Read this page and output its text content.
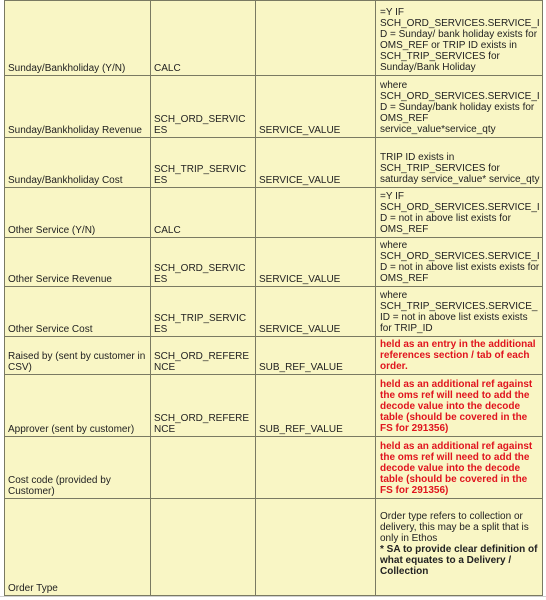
Sunday/Bankholiday (Y/N)	CALC		=Y IF SCH_ORD_SERVICES.SERVICE_ID = Sunday/ bank holiday exists for OMS_REF or TRIP ID exists in SCH_TRIP_SERVICES for Sunday/Bank Holiday
Sunday/Bankholiday Revenue	SCH_ORD_SERVICES	SERVICE_VALUE	where SCH_ORD_SERVICES.SERVICE_ID = Sunday/bank holiday exists for OMS_REF service_value*service_qty
Sunday/Bankholiday Cost	SCH_TRIP_SERVICES	SERVICE_VALUE	TRIP ID exists in SCH_TRIP_SERVICES for saturday service_value* service_qty
Other Service (Y/N)	CALC		=Y IF SCH_ORD_SERVICES.SERVICE_ID = not in above list exists for OMS_REF
Other Service Revenue	SCH_ORD_SERVICES	SERVICE_VALUE	where SCH_ORD_SERVICES.SERVICE_ID = not in above list exists exists for OMS_REF
Other Service Cost	SCH_TRIP_SERVICES	SERVICE_VALUE	where SCH_TRIP_SERVICES.SERVICE_ID = not in above list exists exists for TRIP_ID
Raised by (sent by customer in CSV)	SCH_ORD_REFERENCE	SUB_REF_VALUE	held as an entry in the additional references section / tab of each order.
Approver (sent by customer)	SCH_ORD_REFERENCE	SUB_REF_VALUE	held as an additional ref against the oms ref will need to add the decode value into the decode table (should be covered in the FS for 291356)
Cost code (provided by Customer)			held as an additional ref against the oms ref will need to add the decode value into the decode table (should be covered in the FS for 291356)
Order Type			Order type refers to collection or delivery, this may be a split that is only in Ethos
* SA to provide clear definition of what equates to a Delivery / Collection
